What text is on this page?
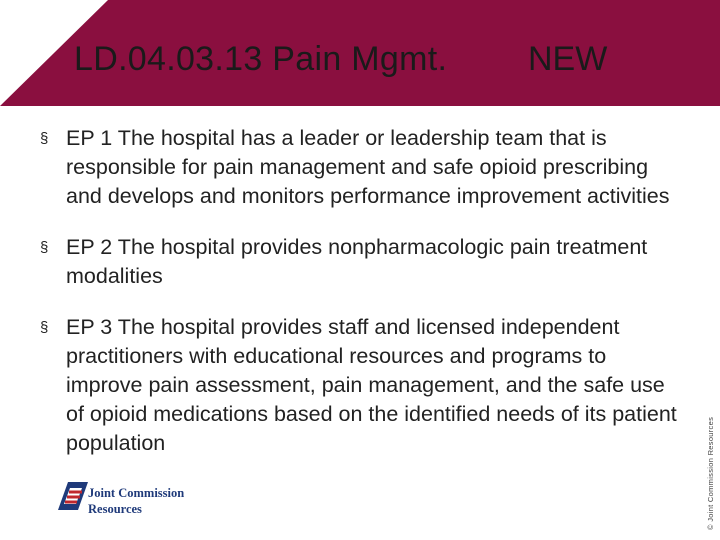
LD.04.03.13 Pain Mgmt. NEW
§ EP 1 The hospital has a leader or leadership team that is responsible for pain management and safe opioid prescribing and develops and monitors performance improvement activities
§ EP 2 The hospital provides nonpharmacologic pain treatment modalities
§ EP 3 The hospital provides staff and licensed independent practitioners with educational resources and programs to improve pain assessment, pain management, and the safe use of opioid medications based on the identified needs of its patient population
Joint Commission
Resources	© Joint Commission Resources
